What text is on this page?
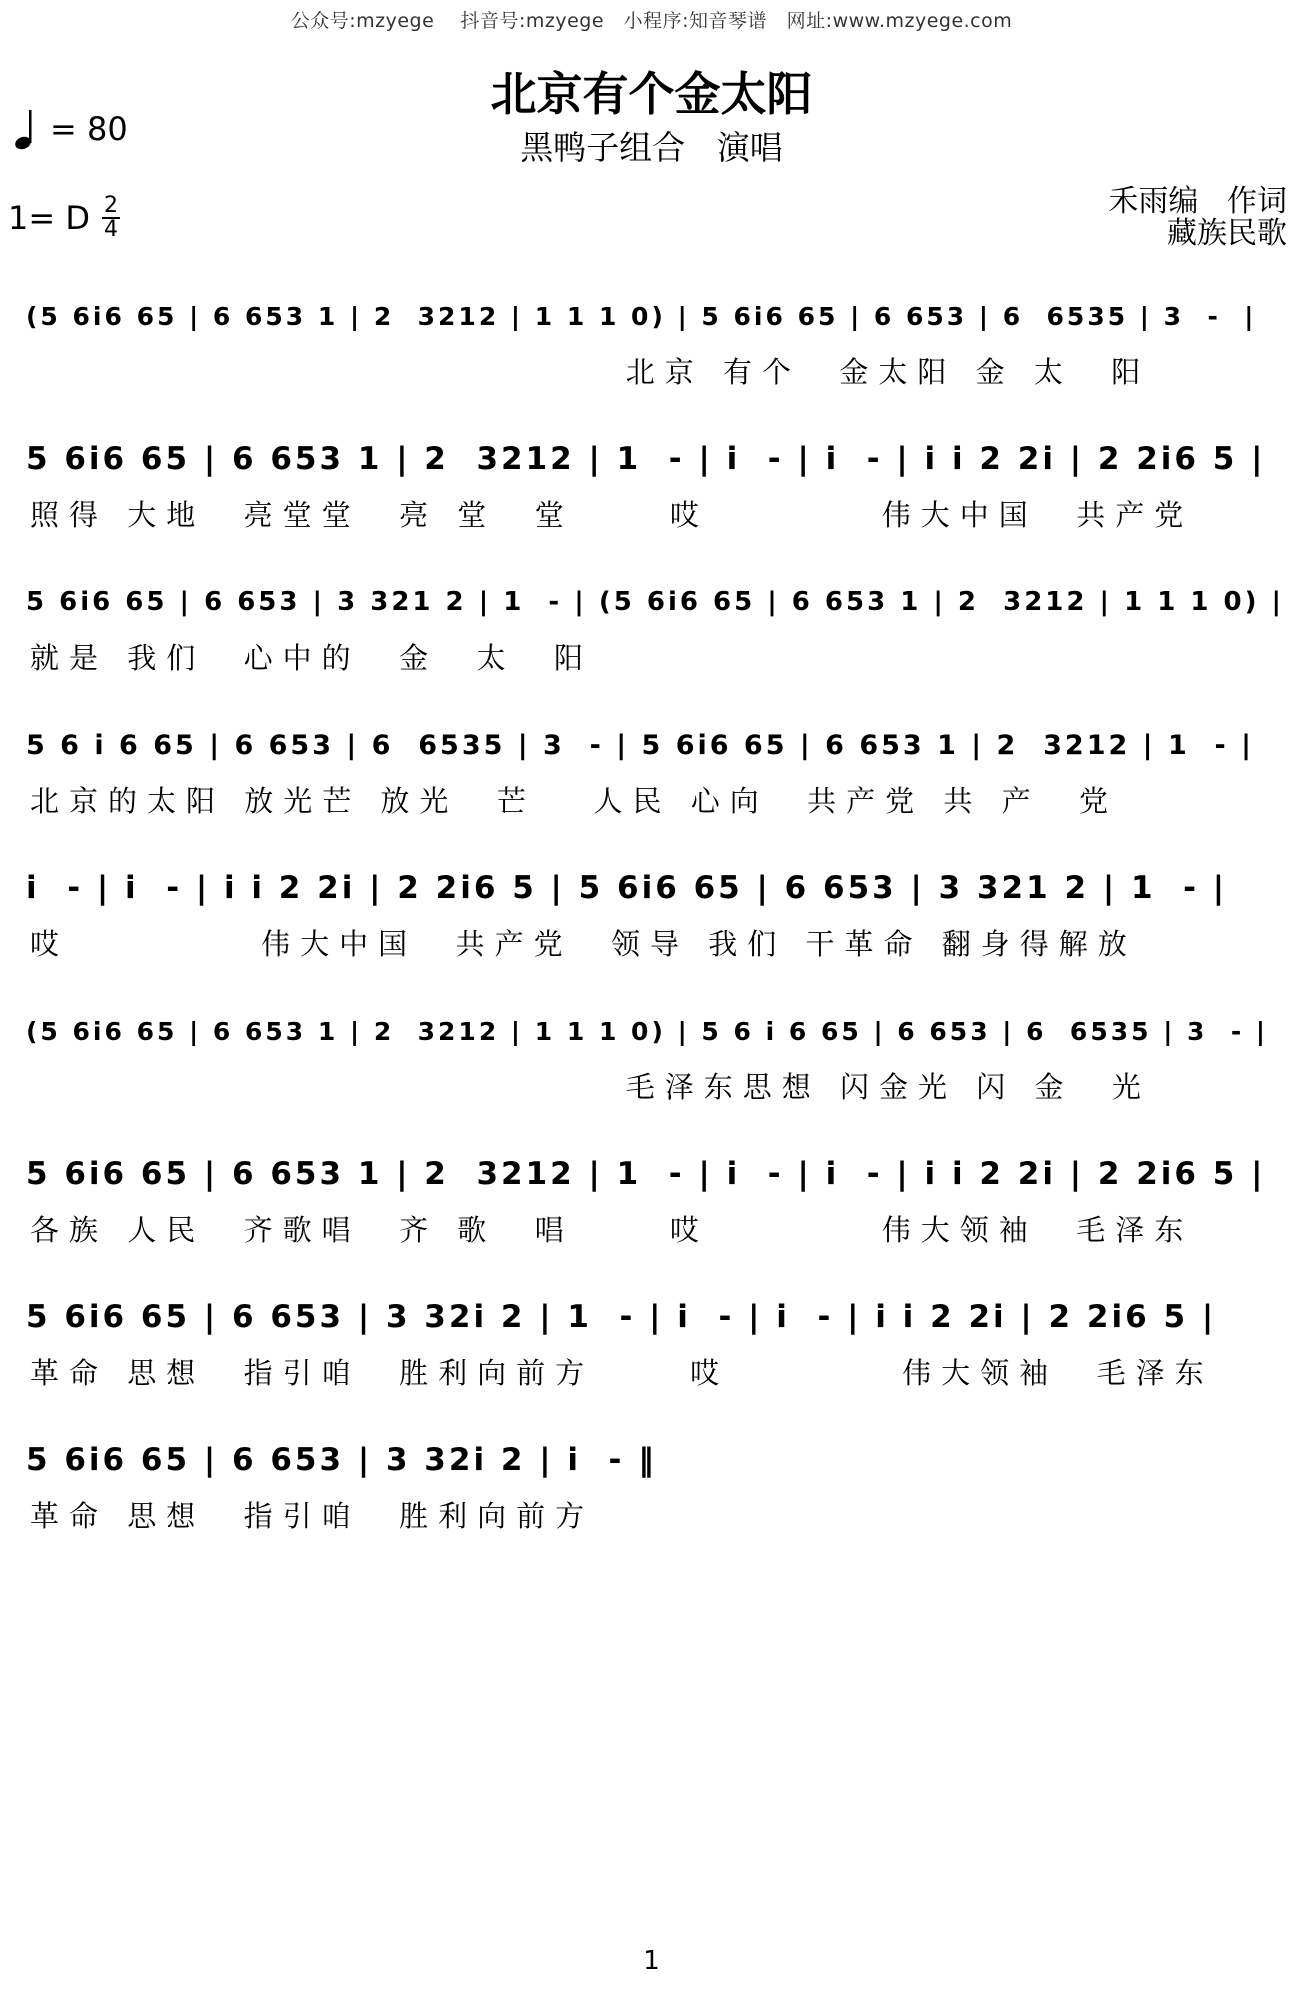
公众号:mzyege    抖音号:mzyege   小程序:知音琴谱   网址:www.mzyege.com
北京有个金太阳
黑鸭子组合   演唱
= 80
1= D $\frac{2}{4}$	禾雨编   作词
藏族民歌
(5 6i6 65 | 6 653 1 | 2  3212 | 1 1 1 0) | 5 6i6 65 | 6 653 | 6  6535 | 3  -  |
北京 有个  金太阳 金 太  阳
5 6i6 65 | 6 653 1 | 2  3212 | 1  - | i  - | i  - | i i 2 2i | 2 2i6 5 |
照得 大地  亮堂堂  亮 堂  堂     哎         伟大中国  共产党
5 6i6 65 | 6 653 | 3 321 2 | 1  - | (5 6i6 65 | 6 653 1 | 2  3212 | 1 1 1 0) |
就是 我们  心中的  金  太  阳
5 6 i 6 65 | 6 653 | 6  6535 | 3  - | 5 6i6 65 | 6 653 1 | 2  3212 | 1  - |
北京的太阳 放光芒 放光  芒   人民 心向  共产党 共 产  党
i  - | i  - | i i 2 2i | 2 2i6 5 | 5 6i6 65 | 6 653 | 3 321 2 | 1  - |
哎          伟大中国  共产党  领导 我们 干革命 翻身得解放
(5 6i6 65 | 6 653 1 | 2  3212 | 1 1 1 0) | 5 6 i 6 65 | 6 653 | 6  6535 | 3  - |
毛泽东思想 闪金光 闪 金  光
5 6i6 65 | 6 653 1 | 2  3212 | 1  - | i  - | i  - | i i 2 2i | 2 2i6 5 |
各族 人民  齐歌唱  齐 歌  唱     哎         伟大领袖  毛泽东
5 6i6 65 | 6 653 | 3 32i 2 | 1  - | i  - | i  - | i i 2 2i | 2 2i6 5 |
革命 思想  指引咱  胜利向前方     哎         伟大领袖  毛泽东
5 6i6 65 | 6 653 | 3 32i 2 | i  - ‖
革命 思想  指引咱  胜利向前方
1
